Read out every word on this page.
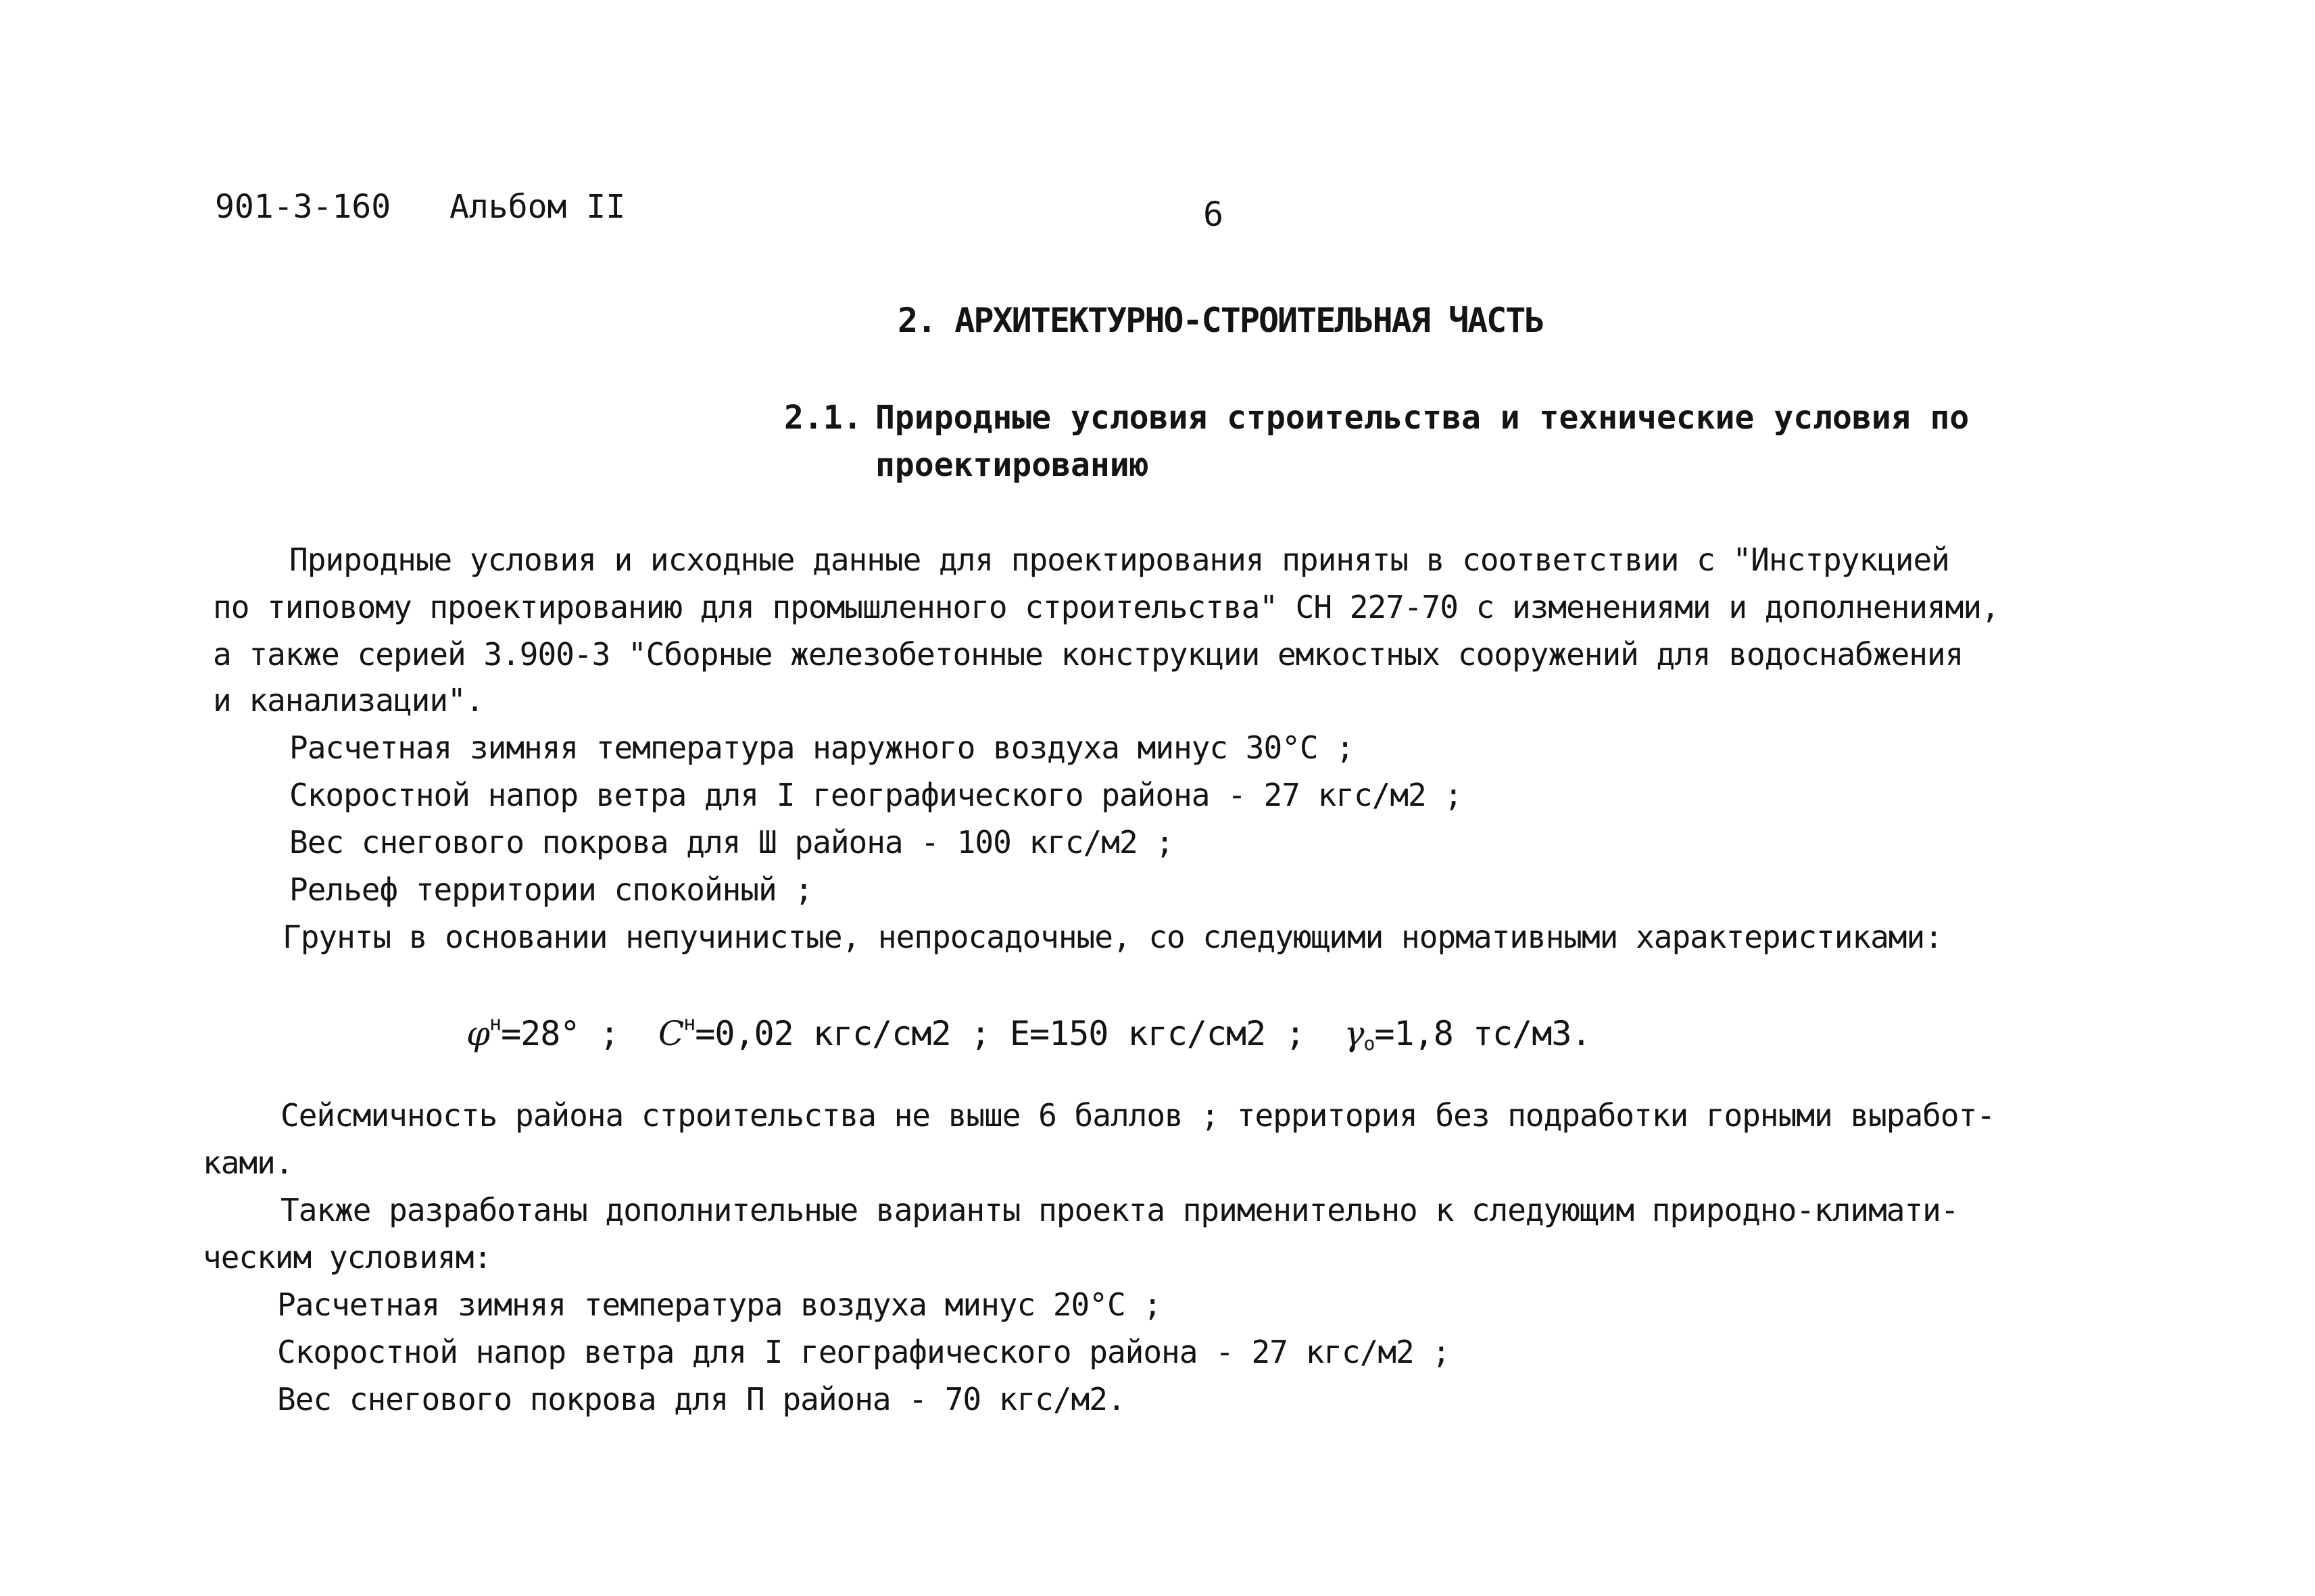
901-3-160 Альбом II	6
2. АРХИТЕКТУРНО-СТРОИТЕЛЬНАЯ ЧАСТЬ
2.1. Природные условия строительства и технические условия по
проектированию
Природные условия и исходные данные для проектирования приняты в соответствии с "Инструкцией
по типовому проектированию для промышленного строительства" СН 227-70 с изменениями и дополнениями,
а также серией 3.900-3 "Сборные железобетонные конструкции емкостных сооружений для водоснабжения
и канализации".
Расчетная зимняя температура наружного воздуха минус 30°С ;
Скоростной напор ветра для I географического района - 27 кгс/м2 ;
Вес снегового покрова для Ш района - 100 кгс/м2 ;
Рельеф территории спокойный ;
Грунты в основании непучинистые, непросадочные, со следующими нормативными характеристиками:
$\varphi^н=28^\circ$ ; $С^н=0,02$ кгс/см2 ; Е=150 кгс/см2 ; γо=1,8 тс/м3.
Сейсмичность района строительства не выше 6 баллов ; территория без подработки горными выработ-
ками.
Также разработаны дополнительные варианты проекта применительно к следующим природно-климати-
ческим условиям:
Расчетная зимняя температура воздуха минус 20°С ;
Скоростной напор ветра для I географического района - 27 кгс/м2 ;
Вес снегового покрова для П района - 70 кгс/м2.
